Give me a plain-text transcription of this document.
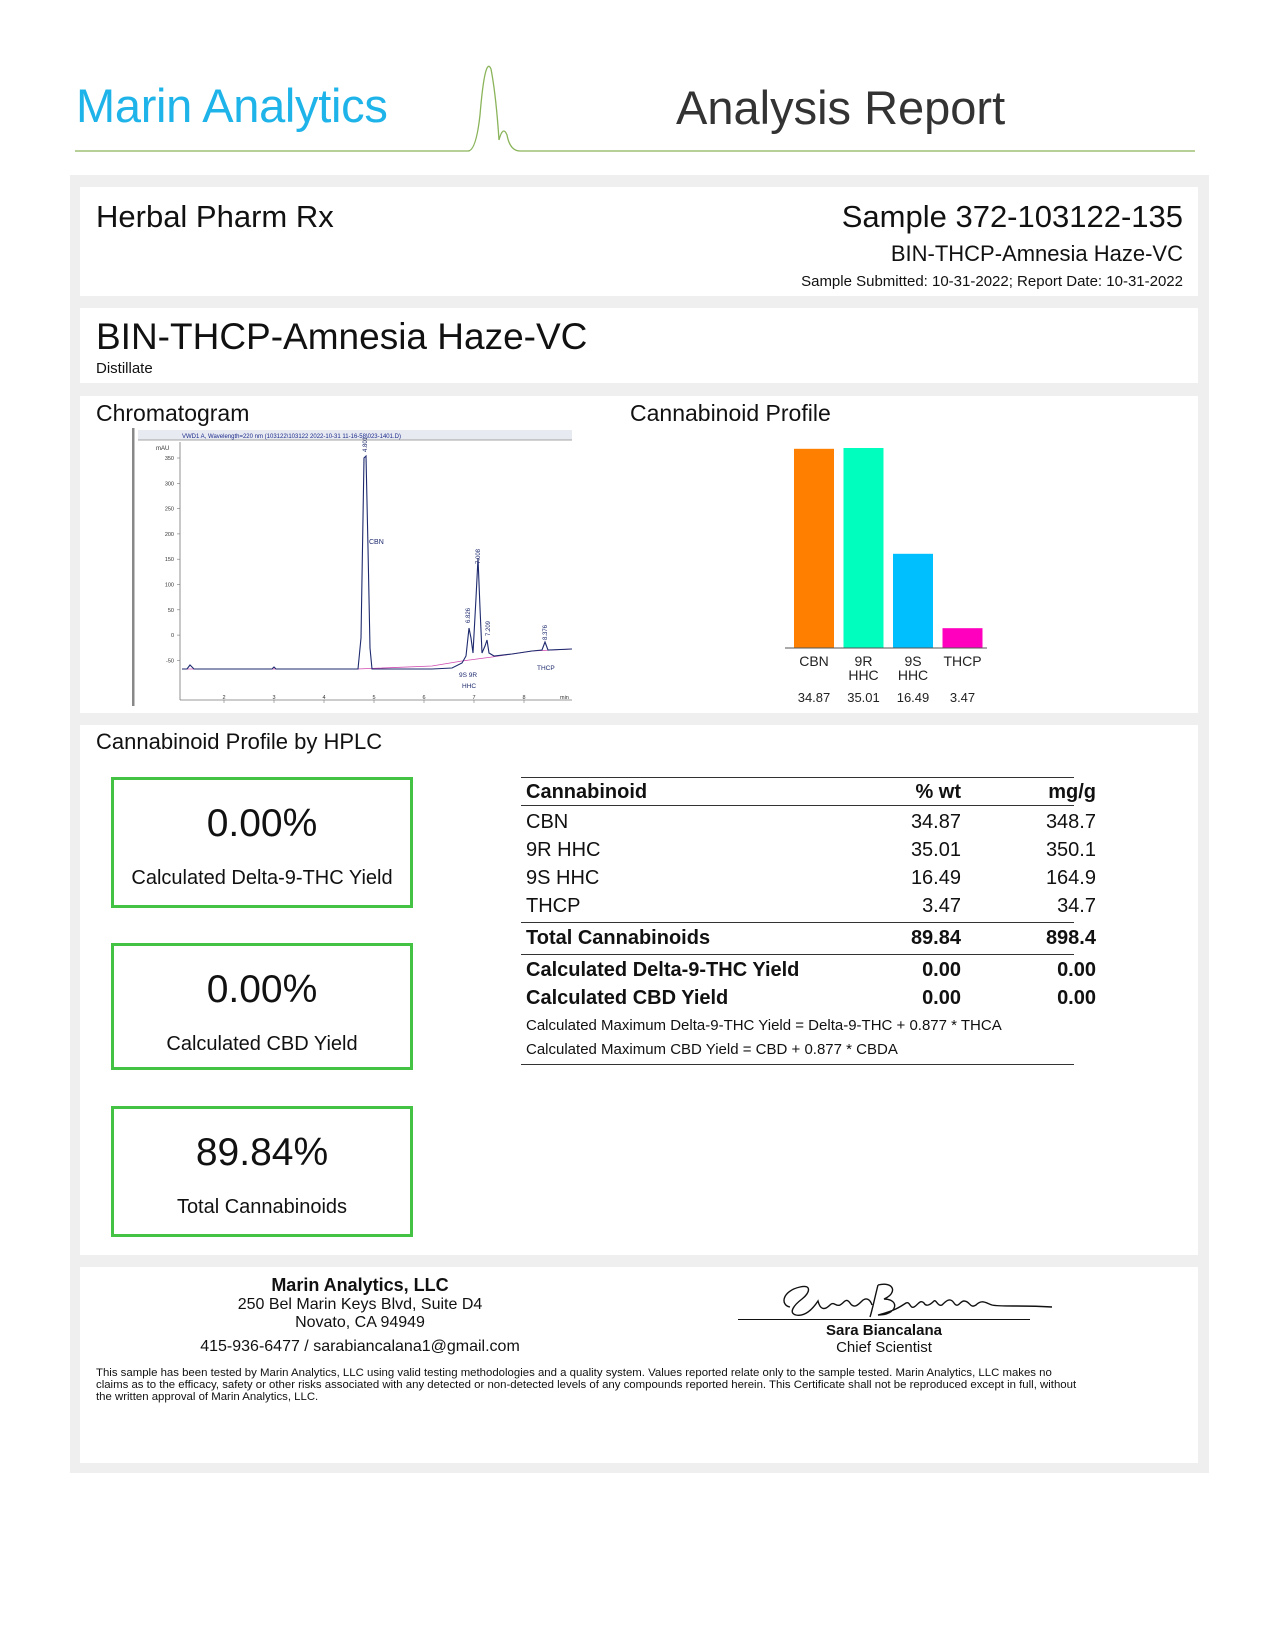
Marin Analytics	Analysis Report
Herbal Pharm Rx	Sample 372-103122-135
BIN-THCP-Amnesia Haze-VC
Sample Submitted: 10-31-2022; Report Date: 10-31-2022
BIN-THCP-Amnesia Haze-VC
Distillate
Chromatogram
VWD1 A, Wavelength=220 nm (103122\103122 2022-10-31 11-16-58\023-1401.D)
mAU
350
300
250
200
150
100
50
0
-50
2	3	4	5	6	7	8	min
4.801
CBN
6.826
7.008
7.209	8.376
9S 9R
HHC
THCP
Cannabinoid Profile
CBN
34.87
9R
HHC
35.01
9S
HHC
16.49
THCP
3.47
Cannabinoid Profile by HPLC
0.00%
Calculated Delta-9-THC Yield
0.00%
Calculated CBD Yield
89.84%
Total Cannabinoids
Cannabinoid	% wt	mg/g
CBN	34.87	348.7
9R HHC	35.01	350.1
9S HHC	16.49	164.9
THCP	3.47	34.7
Total Cannabinoids	89.84	898.4
Calculated Delta-9-THC Yield	0.00	0.00
Calculated CBD Yield	0.00	0.00
Calculated Maximum Delta-9-THC Yield = Delta-9-THC + 0.877 * THCA
Calculated Maximum CBD Yield = CBD + 0.877 * CBDA
Marin Analytics, LLC
250 Bel Marin Keys Blvd, Suite D4
Novato, CA 94949
415-936-6477 / sarabiancalana1@gmail.com
Sara Biancalana
Chief Scientist
This sample has been tested by Marin Analytics, LLC using valid testing methodologies and a quality system. Values reported relate only to the sample tested. Marin Analytics, LLC makes no
claims as to the efficacy, safety or other risks associated with any detected or non-detected levels of any compounds reported herein. This Certificate shall not be reproduced except in full, without
the written approval of Marin Analytics, LLC.
